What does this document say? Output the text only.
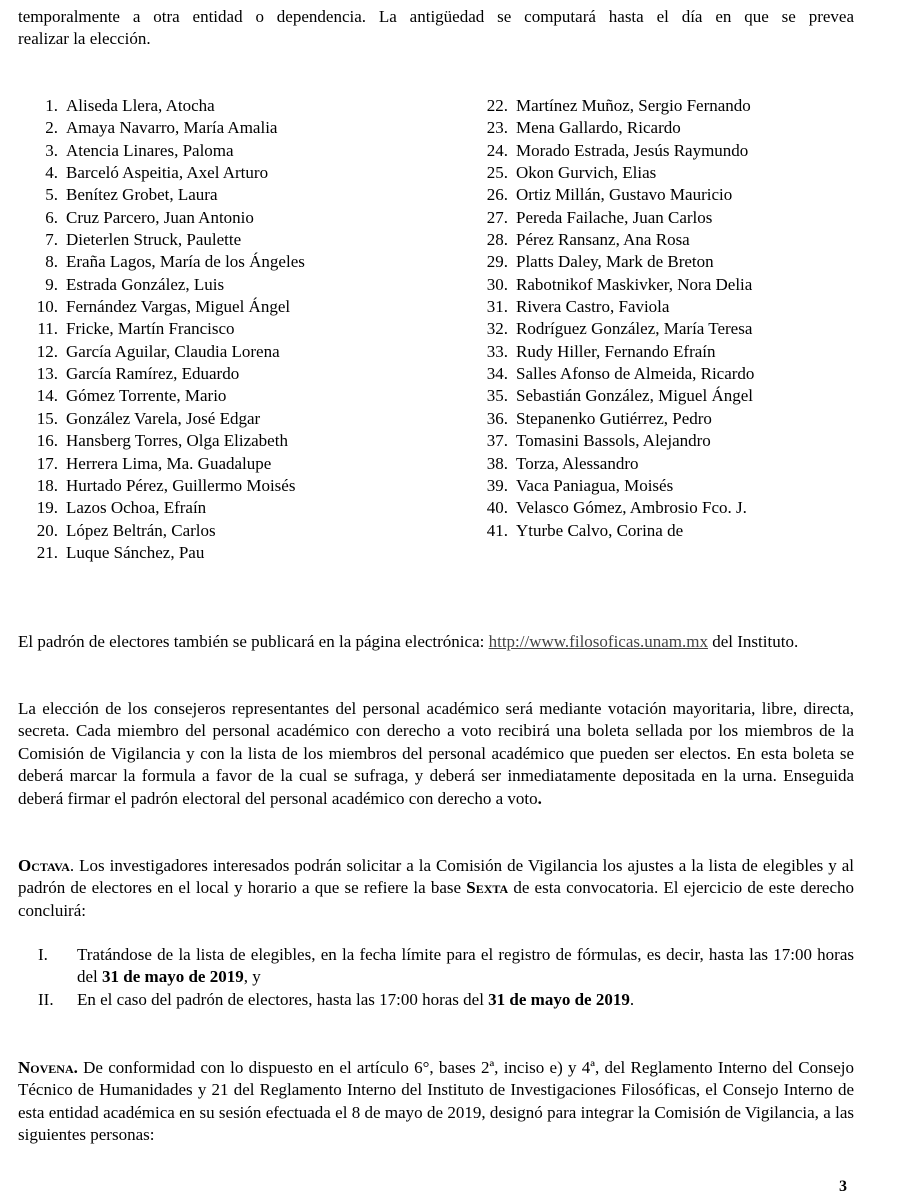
temporalmente a otra entidad o dependencia. La antigüedad se computará hasta el día en que se prevea

realizar la elección.

1. Aliseda Llera, Atocha
2. Amaya Navarro, María Amalia
3. Atencia Linares, Paloma
4. Barceló Aspeitia, Axel Arturo
5. Benítez Grobet, Laura
6. Cruz Parcero, Juan Antonio
7. Dieterlen Struck, Paulette
8. Eraña Lagos, María de los Ángeles
9. Estrada González, Luis
10. Fernández Vargas, Miguel Ángel
11. Fricke, Martín Francisco
12. García Aguilar, Claudia Lorena
13. García Ramírez, Eduardo
14. Gómez Torrente, Mario
15. González Varela, José Edgar
16. Hansberg Torres, Olga Elizabeth
17. Herrera Lima, Ma. Guadalupe
18. Hurtado Pérez, Guillermo Moisés
19. Lazos Ochoa, Efraín
20. López Beltrán, Carlos
21. Luque Sánchez, Pau
22. Martínez Muñoz, Sergio Fernando
23. Mena Gallardo, Ricardo
24. Morado Estrada, Jesús Raymundo
25. Okon Gurvich, Elias
26. Ortiz Millán, Gustavo Mauricio
27. Pereda Failache, Juan Carlos
28. Pérez Ransanz, Ana Rosa
29. Platts Daley, Mark de Breton
30. Rabotnikof Maskivker, Nora Delia
31. Rivera Castro, Faviola
32. Rodríguez González, María Teresa
33. Rudy Hiller, Fernando Efraín
34. Salles Afonso de Almeida, Ricardo
35. Sebastián González, Miguel Ángel
36. Stepanenko Gutiérrez, Pedro
37. Tomasini Bassols, Alejandro
38. Torza, Alessandro
39. Vaca Paniagua, Moisés
40. Velasco Gómez, Ambrosio Fco. J.
41. Yturbe Calvo, Corina de

El padrón de electores también se publicará en la página electrónica: http://www.filosoficas.unam.mx del Instituto.

La elección de los consejeros representantes del personal académico será mediante votación mayoritaria, libre, directa, secreta. Cada miembro del personal académico con derecho a voto recibirá una boleta sellada por los miembros de la Comisión de Vigilancia y con la lista de los miembros del personal académico que pueden ser electos. En esta boleta se deberá marcar la formula a favor de la cual se sufraga, y deberá ser inmediatamente depositada en la urna. Enseguida deberá firmar el padrón electoral del personal académico con derecho a voto.

Octava. Los investigadores interesados podrán solicitar a la Comisión de Vigilancia los ajustes a la lista de elegibles y al padrón de electores en el local y horario a que se refiere la base Sexta de esta convocatoria. El ejercicio de este derecho concluirá:

I.	Tratándose de la lista de elegibles, en la fecha límite para el registro de fórmulas, es decir, hasta las 17:00 horas del 31 de mayo de 2019, y
II.	En el caso del padrón de electores, hasta las 17:00 horas del 31 de mayo de 2019.

Novena. De conformidad con lo dispuesto en el artículo 6°, bases 2ª, inciso e) y 4ª, del Reglamento Interno del Consejo Técnico de Humanidades y 21 del Reglamento Interno del Instituto de Investigaciones Filosóficas, el Consejo Interno de esta entidad académica en su sesión efectuada el 8 de mayo de 2019, designó para integrar la Comisión de Vigilancia, a las siguientes personas:

3
